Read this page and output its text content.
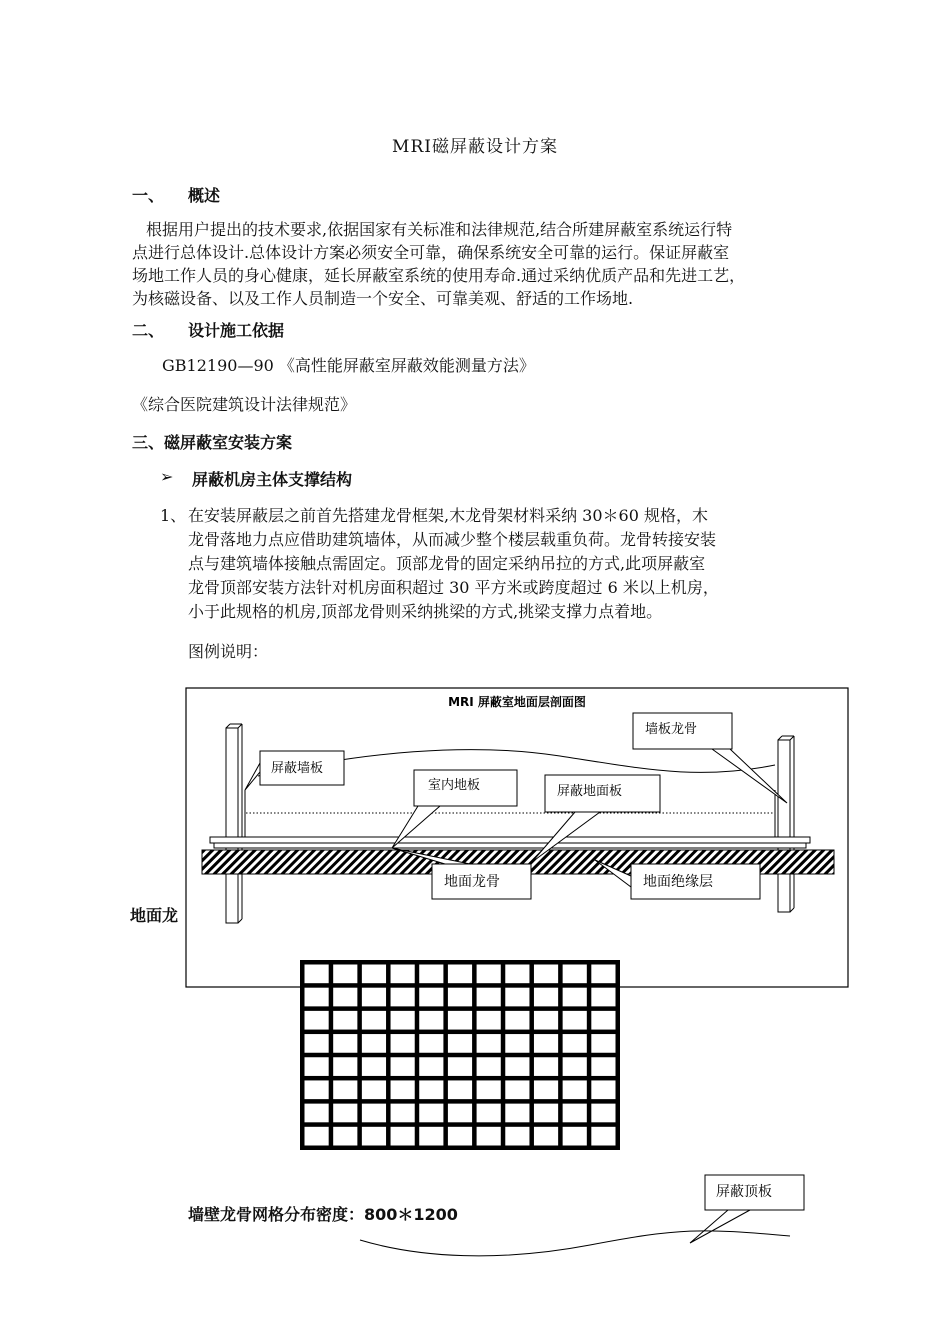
MRI磁屏蔽设计方案
一、 概述
根据用户提出的技术要求,依据国家有关标准和法律规范,结合所建屏蔽室系统运行特
点进行总体设计.总体设计方案必须安全可靠，确保系统安全可靠的运行。保证屏蔽室
场地工作人员的身心健康，延长屏蔽室系统的使用寿命.通过采纳优质产品和先进工艺，
为核磁设备、以及工作人员制造一个安全、可靠美观、舒适的工作场地.
二、 设计施工依据
GB12190—90 《高性能屏蔽室屏蔽效能测量方法》
《综合医院建筑设计法律规范》
三、磁屏蔽室安装方案
➢ 屏蔽机房主体支撑结构
1、 在安装屏蔽层之前首先搭建龙骨框架,木龙骨架材料采纳 30＊60 规格，木
龙骨落地力点应借助建筑墙体，从而减少整个楼层载重负荷。龙骨转接安装
点与建筑墙体接触点需固定。顶部龙骨的固定采纳吊拉的方式,此项屏蔽室
龙骨顶部安装方法针对机房面积超过 30 平方米或跨度超过 6 米以上机房，
小于此规格的机房,顶部龙骨则采纳挑梁的方式,挑梁支撑力点着地。
图例说明：
地面龙
MRI 屏蔽室地面层剖面图
屏蔽墙板
墙板龙骨
室内地板	屏蔽地面板
地面龙骨	地面绝缘层
屏蔽顶板
墙壁龙骨网格分布密度：800＊1200
